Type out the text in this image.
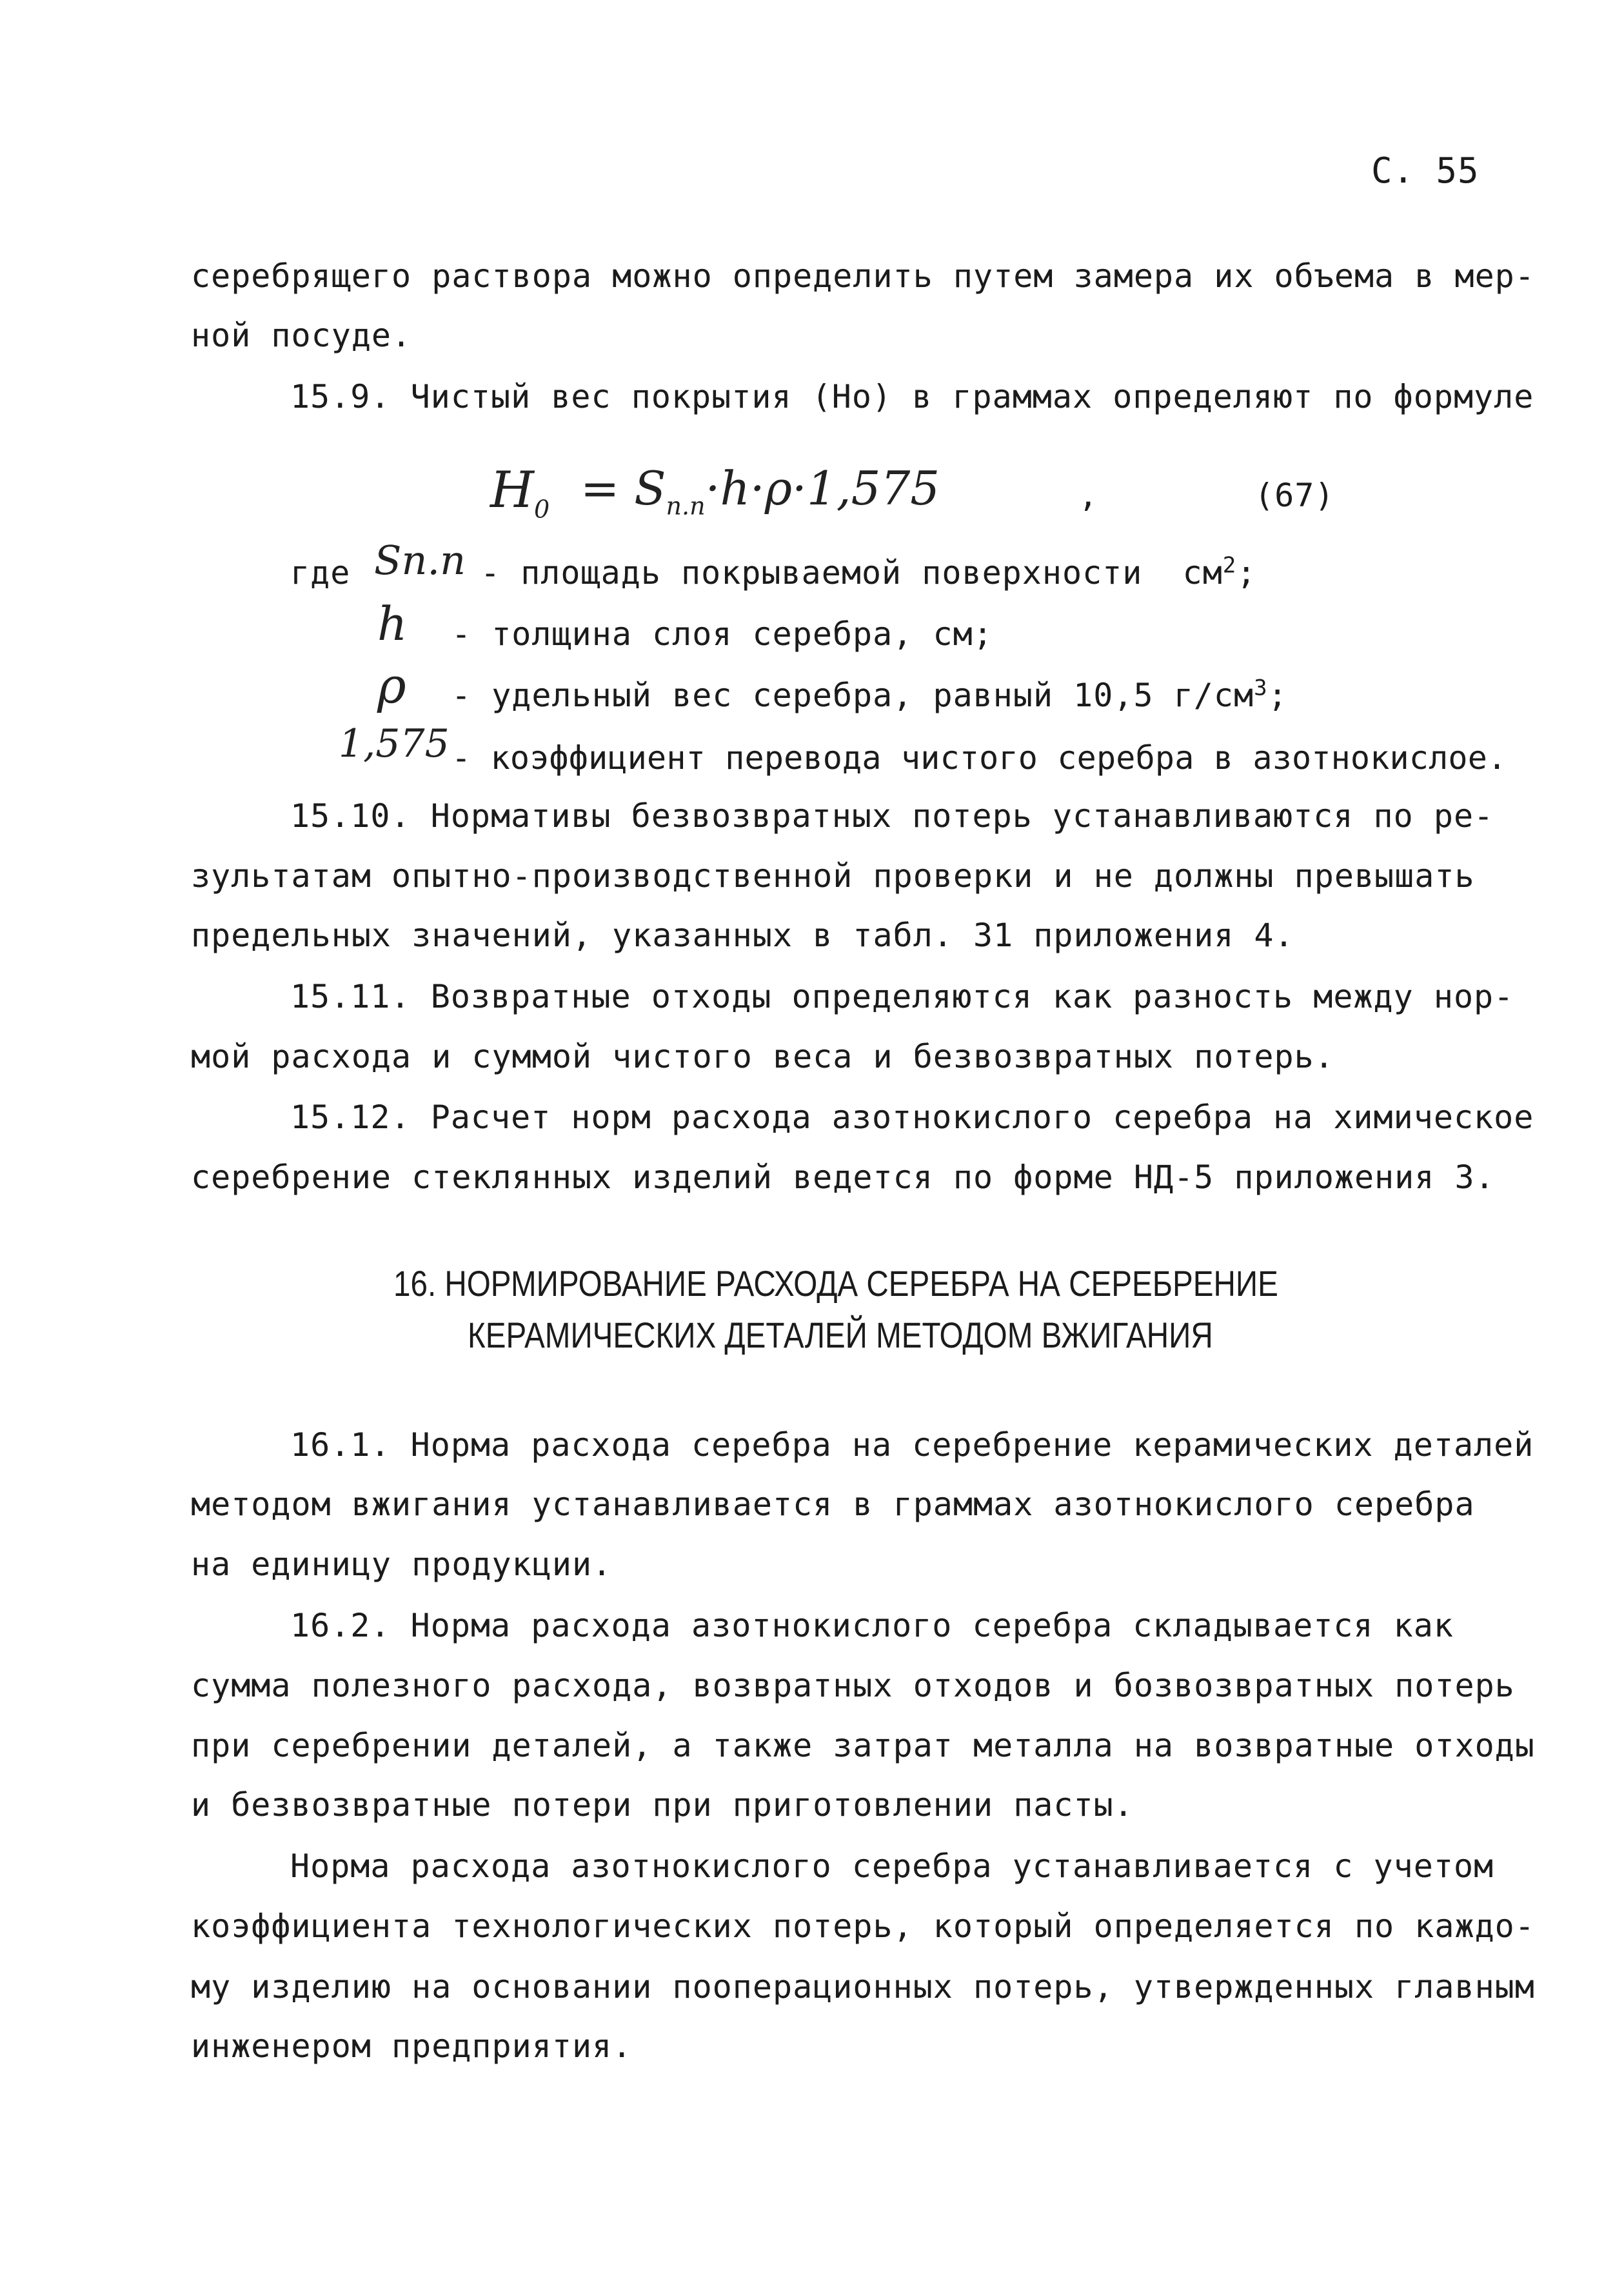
С. 55
серебрящего раствора можно определить путем замера их объема в мер-
ной посуде.
15.9. Чистый вес покрытия (Но) в граммах определяют по формуле
$H_0 = S_{п.п}\cdot h\cdot\rho\cdot 1,575$	,	(67)
где Sп.п - площадь покрываемой поверхности  $см^2$;
h - толщина слоя серебра, см;
ρ - удельный вес серебра, равный 10,5 $г/см^3$;
1,575 - коэффициент перевода чистого серебра в азотнокислое.
15.10. Нормативы безвозвратных потерь устанавливаются по ре-
зультатам опытно-производственной проверки и не должны превышать
предельных значений, указанных в табл. 31 приложения 4.
15.11. Возвратные отходы определяются как разность между нор-
мой расхода и суммой чистого веса и безвозвратных потерь.
15.12. Расчет норм расхода азотнокислого серебра на химическое
серебрение стеклянных изделий ведется по форме НД-5 приложения 3.
16. НОРМИРОВАНИЕ РАСХОДА СЕРЕБРА НА СЕРЕБРЕНИЕ
КЕРАМИЧЕСКИХ ДЕТАЛЕЙ МЕТОДОМ ВЖИГАНИЯ
16.1. Норма расхода серебра на серебрение керамических деталей
методом вжигания устанавливается в граммах азотнокислого серебра
на единицу продукции.
16.2. Норма расхода азотнокислого серебра складывается как
сумма полезного расхода, возвратных отходов и бозвозвратных потерь
при серебрении деталей, а также затрат металла на возвратные отходы
и безвозвратные потери при приготовлении пасты.
Норма расхода азотнокислого серебра устанавливается с учетом
коэффициента технологических потерь, который определяется по каждо-
му изделию на основании пооперационных потерь, утвержденных главным
инженером предприятия.
